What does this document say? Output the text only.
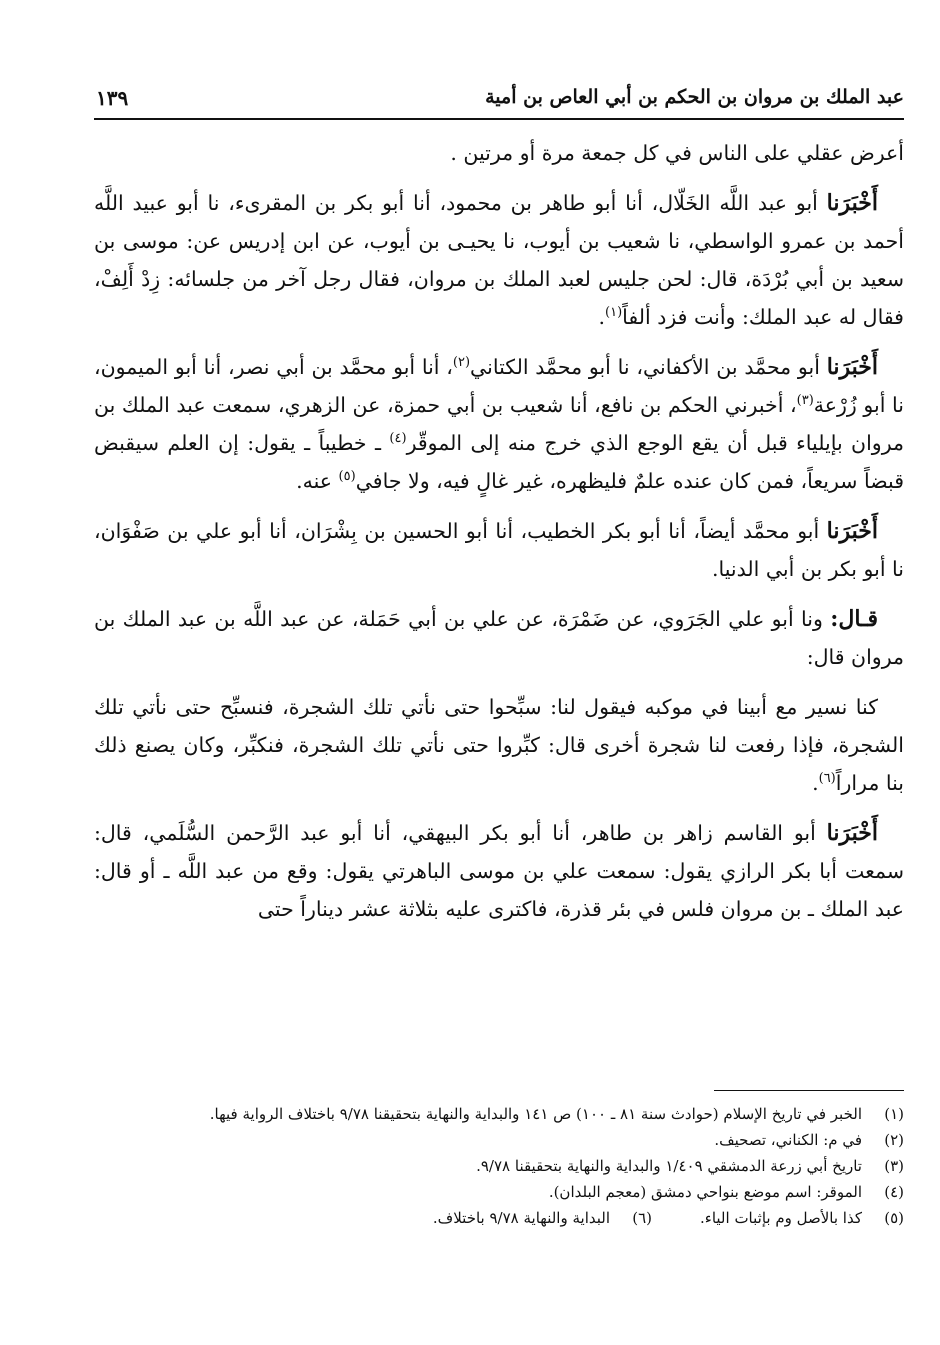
عبد الملك بن مروان بن الحكم بن أبي العاص بن أمية
١٣٩

أعرض عقلي على الناس في كل جمعة مرة أو مرتين .

أَخْبَرَنا أبو عبد اللَّه الخَلّال، أنا أبو طاهر بن محمود، أنا أبو بكر بن المقرىء، نا أبو عبيد اللَّه أحمد بن عمرو الواسطي، نا شعيب بن أيوب، نا يحيـى بن أيوب، عن ابن إدريس عن: موسى بن سعيد بن أبي بُرْدَة، قال: لحن جليس لعبد الملك بن مروان، فقال رجل آخر من جلسائه: زِدْ أَلِفْ، فقال له عبد الملك: وأنت فزد ألفاً$^{(١)}$.

أَخْبَرَنا أبو محمَّد بن الأكفاني، نا أبو محمَّد الكتاني$^{(٢)}$، أنا أبو محمَّد بن أبي نصر، أنا أبو الميمون، نا أبو زُرْعة$^{(٣)}$، أخبرني الحكم بن نافع، أنا شعيب بن أبي حمزة، عن الزهري، سمعت عبد الملك بن مروان بإيلياء قبل أن يقع الوجع الذي خرج منه إلى الموقّر$^{(٤)}$ ـ خطيباً ـ يقول: إن العلم سيقبض قبضاً سريعاً، فمن كان عنده علمٌ فليظهره، غير غالٍ فيه، ولا جافي$^{(٥)}$ عنه.

أَخْبَرَنا أبو محمَّد أيضاً، أنا أبو بكر الخطيب، أنا أبو الحسين بن بِشْرَان، أنا أبو علي بن صَفْوَان، نا أبو بكر بن أبي الدنيا.

قـال: ونا أبو علي الجَرَوي، عن ضَمْرَة، عن علي بن أبي حَمَلة، عن عبد اللَّه بن عبد الملك بن مروان قال:

كنا نسير مع أبينا في موكبه فيقول لنا: سبِّحوا حتى نأتي تلك الشجرة، فنسبِّح حتى نأتي تلك الشجرة، فإذا رفعت لنا شجرة أخرى قال: كبِّروا حتى نأتي تلك الشجرة، فنكبِّر، وكان يصنع ذلك بنا مراراً$^{(٦)}$.

أَخْبَرَنا أبو القاسم زاهر بن طاهر، أنا أبو بكر البيهقي، أنا أبو عبد الرَّحمن السُّلَمي، قال: سمعت أبا بكر الرازي يقول: سمعت علي بن موسى الباهرتي يقول: وقع من عبد اللَّه ـ أو قال: عبد الملك ـ بن مروان فلس في بئر قذرة، فاكترى عليه بثلاثة عشر ديناراً حتى

(١)
الخبر في تاريخ الإسلام (حوادث سنة ٨١ ـ ١٠٠) ص ١٤١ والبداية والنهاية بتحقيقنا ٩/٧٨ باختلاف الرواية فيها.
(٢)
في م: الكناني، تصحيف.
(٣)
تاريخ أبي زرعة الدمشقي ١/٤٠٩ والبداية والنهاية بتحقيقنا ٩/٧٨.
(٤)
الموقر: اسم موضع بنواحي دمشق (معجم البلدان).
(٥)
كذا بالأصل وم بإثبات الياء.
(٦)
البداية والنهاية ٩/٧٨ باختلاف.
